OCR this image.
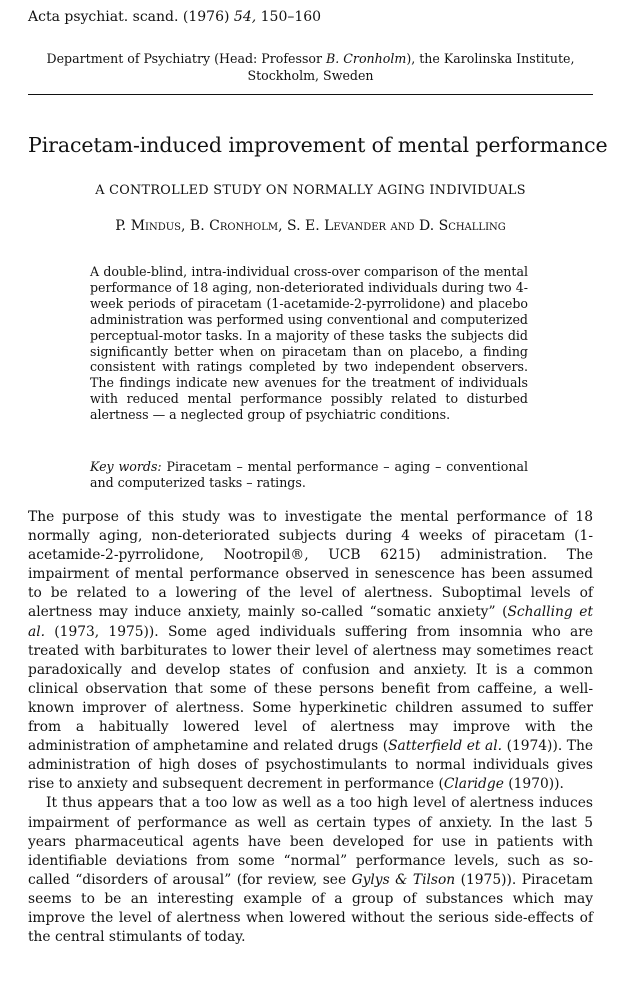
Acta psychiat. scand. (1976) 54, 150–160
Department of Psychiatry (Head: Professor B. Cronholm), the Karolinska Institute, Stockholm, Sweden
Piracetam-induced improvement of mental performance
A CONTROLLED STUDY ON NORMALLY AGING INDIVIDUALS
P. Mindus, B. Cronholm, S. E. Levander and D. Schalling
A double-blind, intra-individual cross-over comparison of the mental performance of 18 aging, non-deteriorated individuals during two 4-week periods of piracetam (1-acetamide-2-pyrrolidone) and placebo administration was performed using conventional and computerized perceptual-motor tasks. In a majority of these tasks the subjects did significantly better when on piracetam than on placebo, a finding consistent with ratings completed by two independent observers. The findings indicate new avenues for the treatment of individuals with reduced mental performance possibly related to disturbed alertness — a neglected group of psychiatric conditions.
Key words: Piracetam – mental performance – aging – conventional and computerized tasks – ratings.

The purpose of this study was to investigate the mental performance of 18 normally aging, non-deteriorated subjects during 4 weeks of piracetam (1-acetamide-2-pyrrolidone, Nootropil®, UCB 6215) administration. The impairment of mental performance observed in senescence has been assumed to be related to a lowering of the level of alertness. Suboptimal levels of alertness may induce anxiety, mainly so-called “somatic anxiety” (Schalling et al. (1973, 1975)). Some aged individuals suffering from insomnia who are treated with barbiturates to lower their level of alertness may sometimes react paradoxically and develop states of confusion and anxiety. It is a common clinical observation that some of these persons benefit from caffeine, a well-known improver of alertness. Some hyperkinetic children assumed to suffer from a habitually lowered level of alertness may improve with the administration of amphetamine and related drugs (Satterfield et al. (1974)). The administration of high doses of psychostimulants to normal individuals gives rise to anxiety and subsequent decrement in performance (Claridge (1970)).

It thus appears that a too low as well as a too high level of alertness induces impairment of performance as well as certain types of anxiety. In the last 5 years pharmaceutical agents have been developed for use in patients with identifiable deviations from some “normal” performance levels, such as so-called “disorders of arousal” (for review, see Gylys & Tilson (1975)). Piracetam seems to be an interesting example of a group of substances which may improve the level of alertness when lowered without the serious side-effects of the central stimulants of today.
